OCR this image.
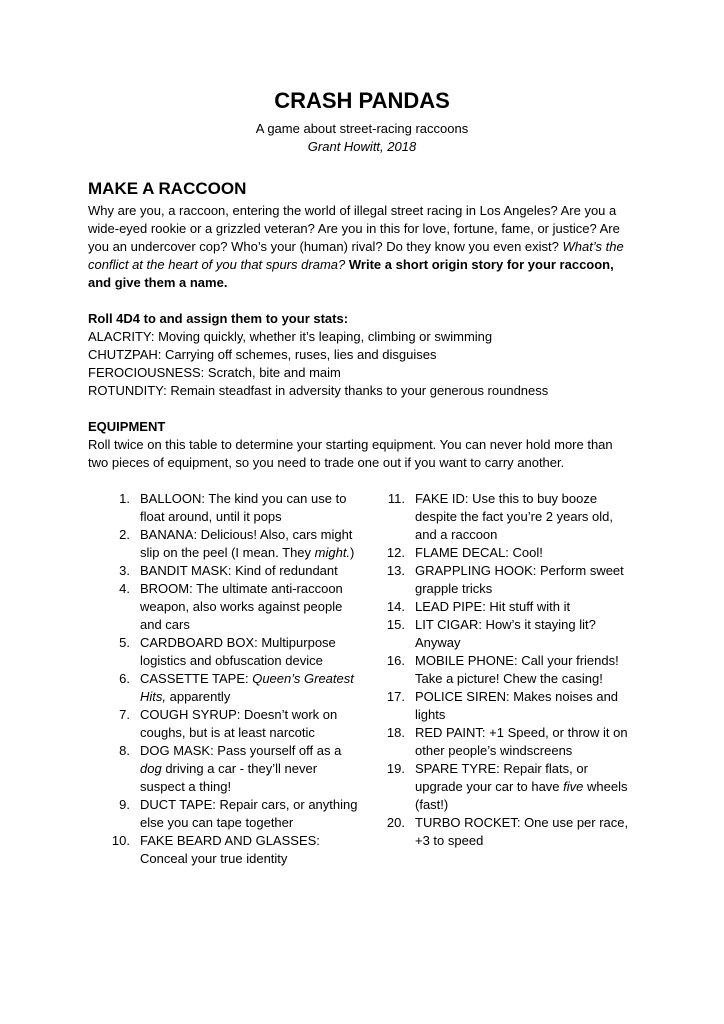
CRASH PANDAS

A game about street-racing raccoons

Grant Howitt, 2018

MAKE A RACCOON

Why are you, a raccoon, entering the world of illegal street racing in Los Angeles? Are you a wide-eyed rookie or a grizzled veteran? Are you in this for love, fortune, fame, or justice? Are you an undercover cop? Who’s your (human) rival? Do they know you even exist? What’s the conflict at the heart of you that spurs drama? Write a short origin story for your raccoon, and give them a name.

Roll 4D4 to and assign them to your stats:

ALACRITY: Moving quickly, whether it’s leaping, climbing or swimming

CHUTZPAH: Carrying off schemes, ruses, lies and disguises

FEROCIOUSNESS: Scratch, bite and maim

ROTUNDITY: Remain steadfast in adversity thanks to your generous roundness

EQUIPMENT

Roll twice on this table to determine your starting equipment. You can never hold more than two pieces of equipment, so you need to trade one out if you want to carry another.

1. BALLOON: The kind you can use to float around, until it pops
2. BANANA: Delicious! Also, cars might slip on the peel (I mean. They might.)
3. BANDIT MASK: Kind of redundant
4. BROOM: The ultimate anti-raccoon weapon, also works against people and cars
5. CARDBOARD BOX: Multipurpose logistics and obfuscation device
6. CASSETTE TAPE: Queen’s Greatest Hits, apparently
7. COUGH SYRUP: Doesn’t work on coughs, but is at least narcotic
8. DOG MASK: Pass yourself off as a dog driving a car - they’ll never suspect a thing!
9. DUCT TAPE: Repair cars, or anything else you can tape together
10. FAKE BEARD AND GLASSES: Conceal your true identity
11. FAKE ID: Use this to buy booze despite the fact you’re 2 years old, and a raccoon
12. FLAME DECAL: Cool!
13. GRAPPLING HOOK: Perform sweet grapple tricks
14. LEAD PIPE: Hit stuff with it
15. LIT CIGAR: How’s it staying lit? Anyway
16. MOBILE PHONE: Call your friends! Take a picture! Chew the casing!
17. POLICE SIREN: Makes noises and lights
18. RED PAINT: +1 Speed, or throw it on other people’s windscreens
19. SPARE TYRE: Repair flats, or upgrade your car to have five wheels (fast!)
20. TURBO ROCKET: One use per race, +3 to speed
